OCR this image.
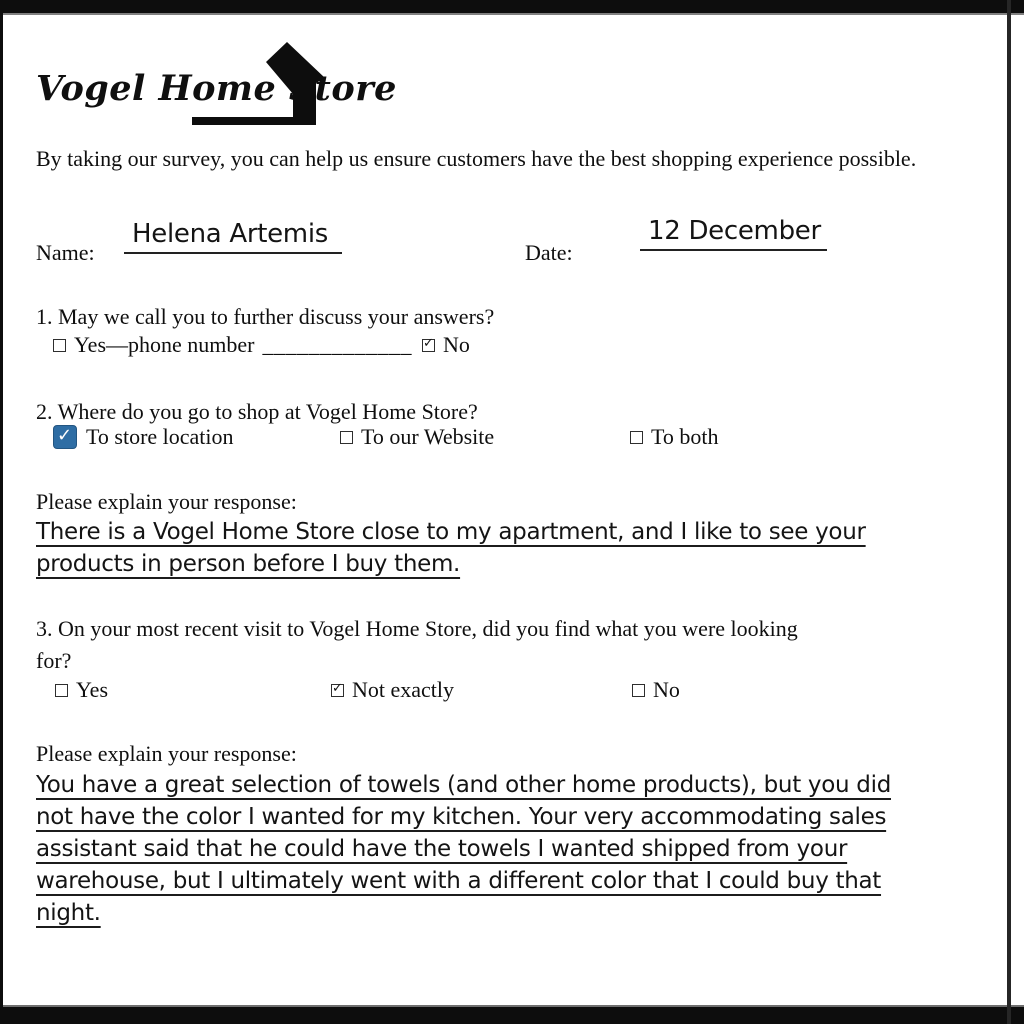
Vogel Home Store

By taking our survey, you can help us ensure customers have the best shopping experience possible.

Name:
Helena Artemis
Date:
12 December

1. May we call you to further discuss your answers?

Yes—phone number _____________ ✓ No

2. Where do you go to shop at Vogel Home Store?

✓ To store location	To our Website	To both

Please explain your response:

There is a Vogel Home Store close to my apartment, and I like to see your
products in person before I buy them.
3. On your most recent visit to Vogel Home Store, did you find what you were looking
for?
Yes	✓ Not exactly	No

Please explain your response:

You have a great selection of towels (and other home products), but you did
not have the color I wanted for my kitchen. Your very accommodating sales
assistant said that he could have the towels I wanted shipped from your
warehouse, but I ultimately went with a different color that I could buy that
night.
